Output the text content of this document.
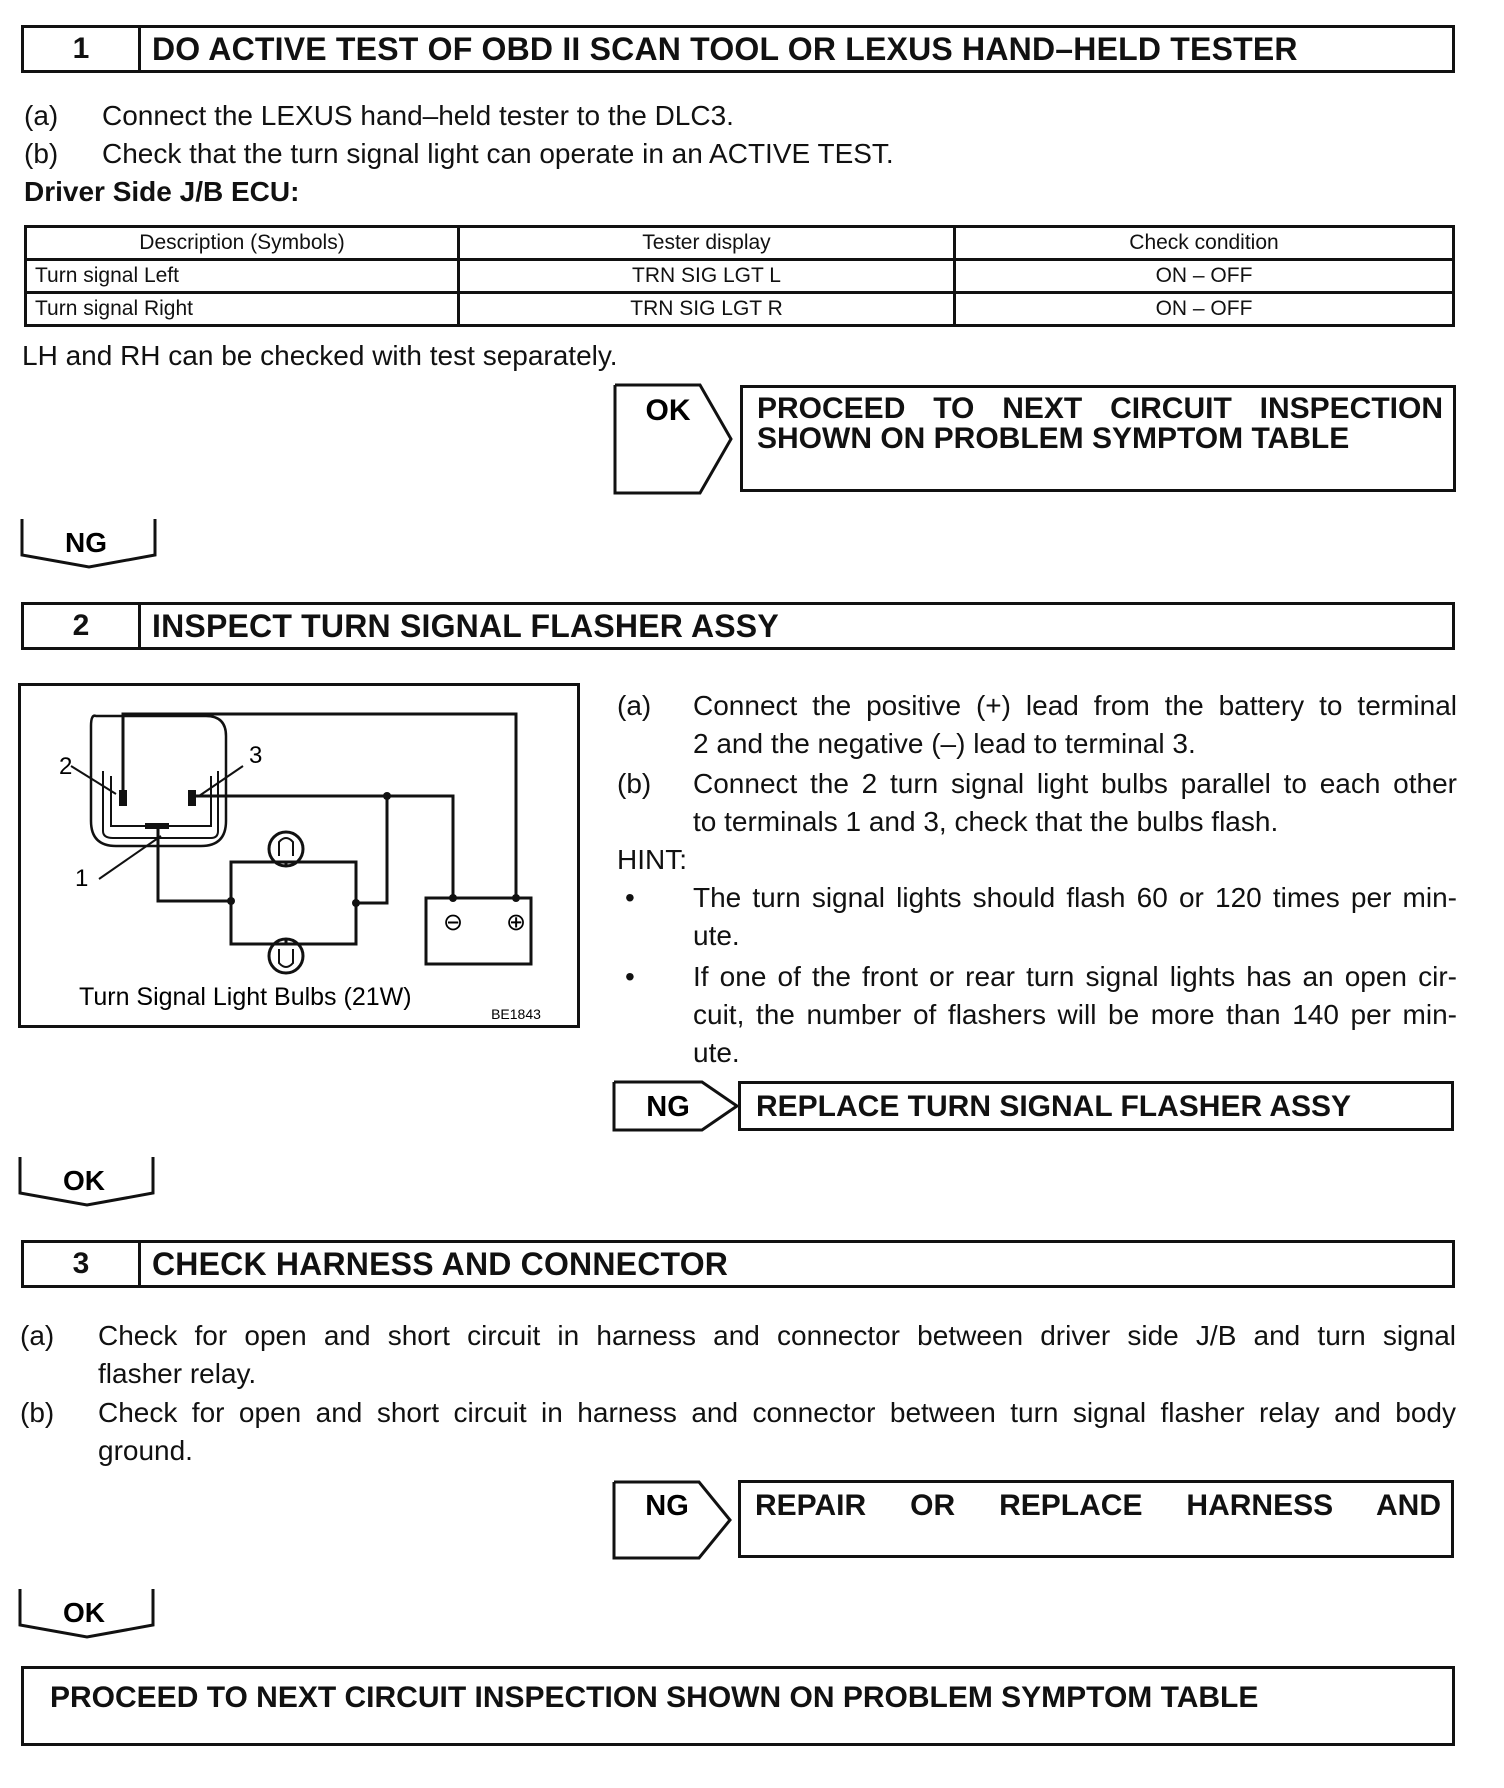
1	DO ACTIVE TEST OF OBD II SCAN TOOL OR LEXUS HAND–HELD TESTER
(a) Connect the LEXUS hand–held tester to the DLC3.
(b) Check that the turn signal light can operate in an ACTIVE TEST.
Driver Side J/B ECU:
Description (Symbols)	Tester display	Check condition
Turn signal Left	TRN SIG LGT L	ON – OFF
Turn signal Right	TRN SIG LGT R	ON – OFF
LH and RH can be checked with test separately.
OK PROCEED TO NEXT CIRCUIT INSPECTION
SHOWN ON PROBLEM SYMPTOM TABLE
NG
2	INSPECT TURN SIGNAL FLASHER ASSY
2	3
1
⊖ ⊕
Turn Signal Light Bulbs (21W)
BE1843
(a) Connect the positive (+) lead from the battery to terminal
2 and the negative (–) lead to terminal 3.
(b) Connect the 2 turn signal light bulbs parallel to each other
to terminals 1 and 3, check that the bulbs flash.
HINT:
• The turn signal lights should flash 60 or 120 times per min-
ute.
• If one of the front or rear turn signal lights has an open cir-
cuit, the number of flashers will be more than 140 per min-
ute.
NG REPLACE TURN SIGNAL FLASHER ASSY
OK
3	CHECK HARNESS AND CONNECTOR
(a) Check for open and short circuit in harness and connector between driver side J/B and turn signal
flasher relay.
(b) Check for open and short circuit in harness and connector between turn signal flasher relay and body
ground.
NG REPAIR OR REPLACE HARNESS AND
OK
PROCEED TO NEXT CIRCUIT INSPECTION SHOWN ON PROBLEM SYMPTOM TABLE
